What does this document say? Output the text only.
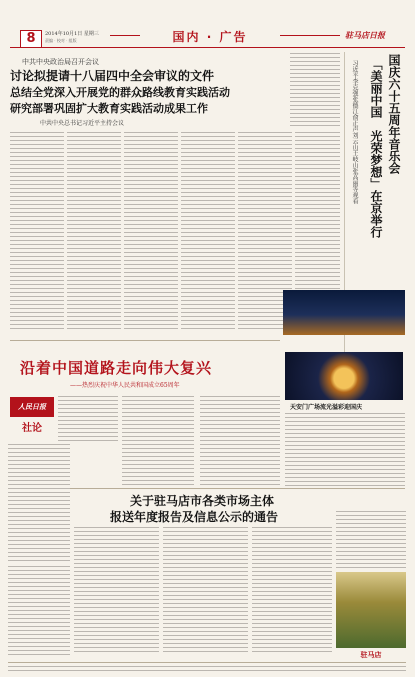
8	2014年10月1日 星期三
责编 · 校对 · 组版	国内 · 广告	驻马店日报
中共中央政治局召开会议
讨论拟提请十八届四中全会审议的文件
总结全党深入开展党的群众路线教育实践活动
研究部署巩固扩大教育实践活动成果工作
中共中央总书记习近平主持会议	国庆六十五周年音乐会
「美丽中国　光荣梦想」在京举行
习近平李克强张德江俞正声刘云山王岐山张高丽等观看
沿着中国道路走向伟大复兴
——热烈庆祝中华人民共和国成立65周年
人民日报
社论
天安门广场流光溢彩迎国庆
关于驻马店市各类市场主体
报送年度报告及信息公示的通告
驻马店
